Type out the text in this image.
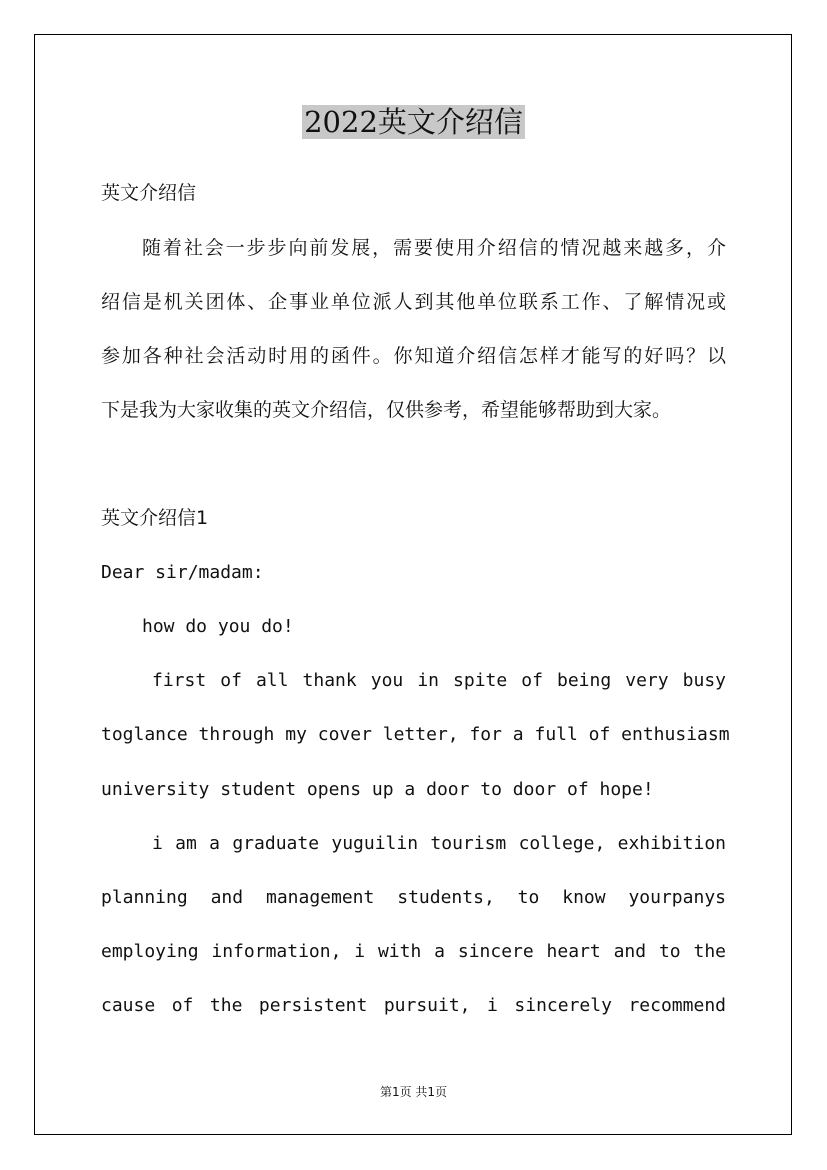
2022英文介绍信
英文介绍信
随着社会一步步向前发展，需要使用介绍信的情况越来越多，介
绍信是机关团体、企事业单位派人到其他单位联系工作、了解情况或
参加各种社会活动时用的函件。你知道介绍信怎样才能写的好吗？以
下是我为大家收集的英文介绍信，仅供参考，希望能够帮助到大家。
英文介绍信1
Dear sir/madam:
how do you do!
first of all thank you in spite of being very busy
toglance through my cover letter, for a full of enthusiasm
university student opens up a door to door of hope!
i am a graduate yuguilin tourism college, exhibition
planning and management students, to know yourpanys
employing information, i with a sincere heart and to the
cause of the persistent pursuit, i sincerely recommend
第1页 共1页
